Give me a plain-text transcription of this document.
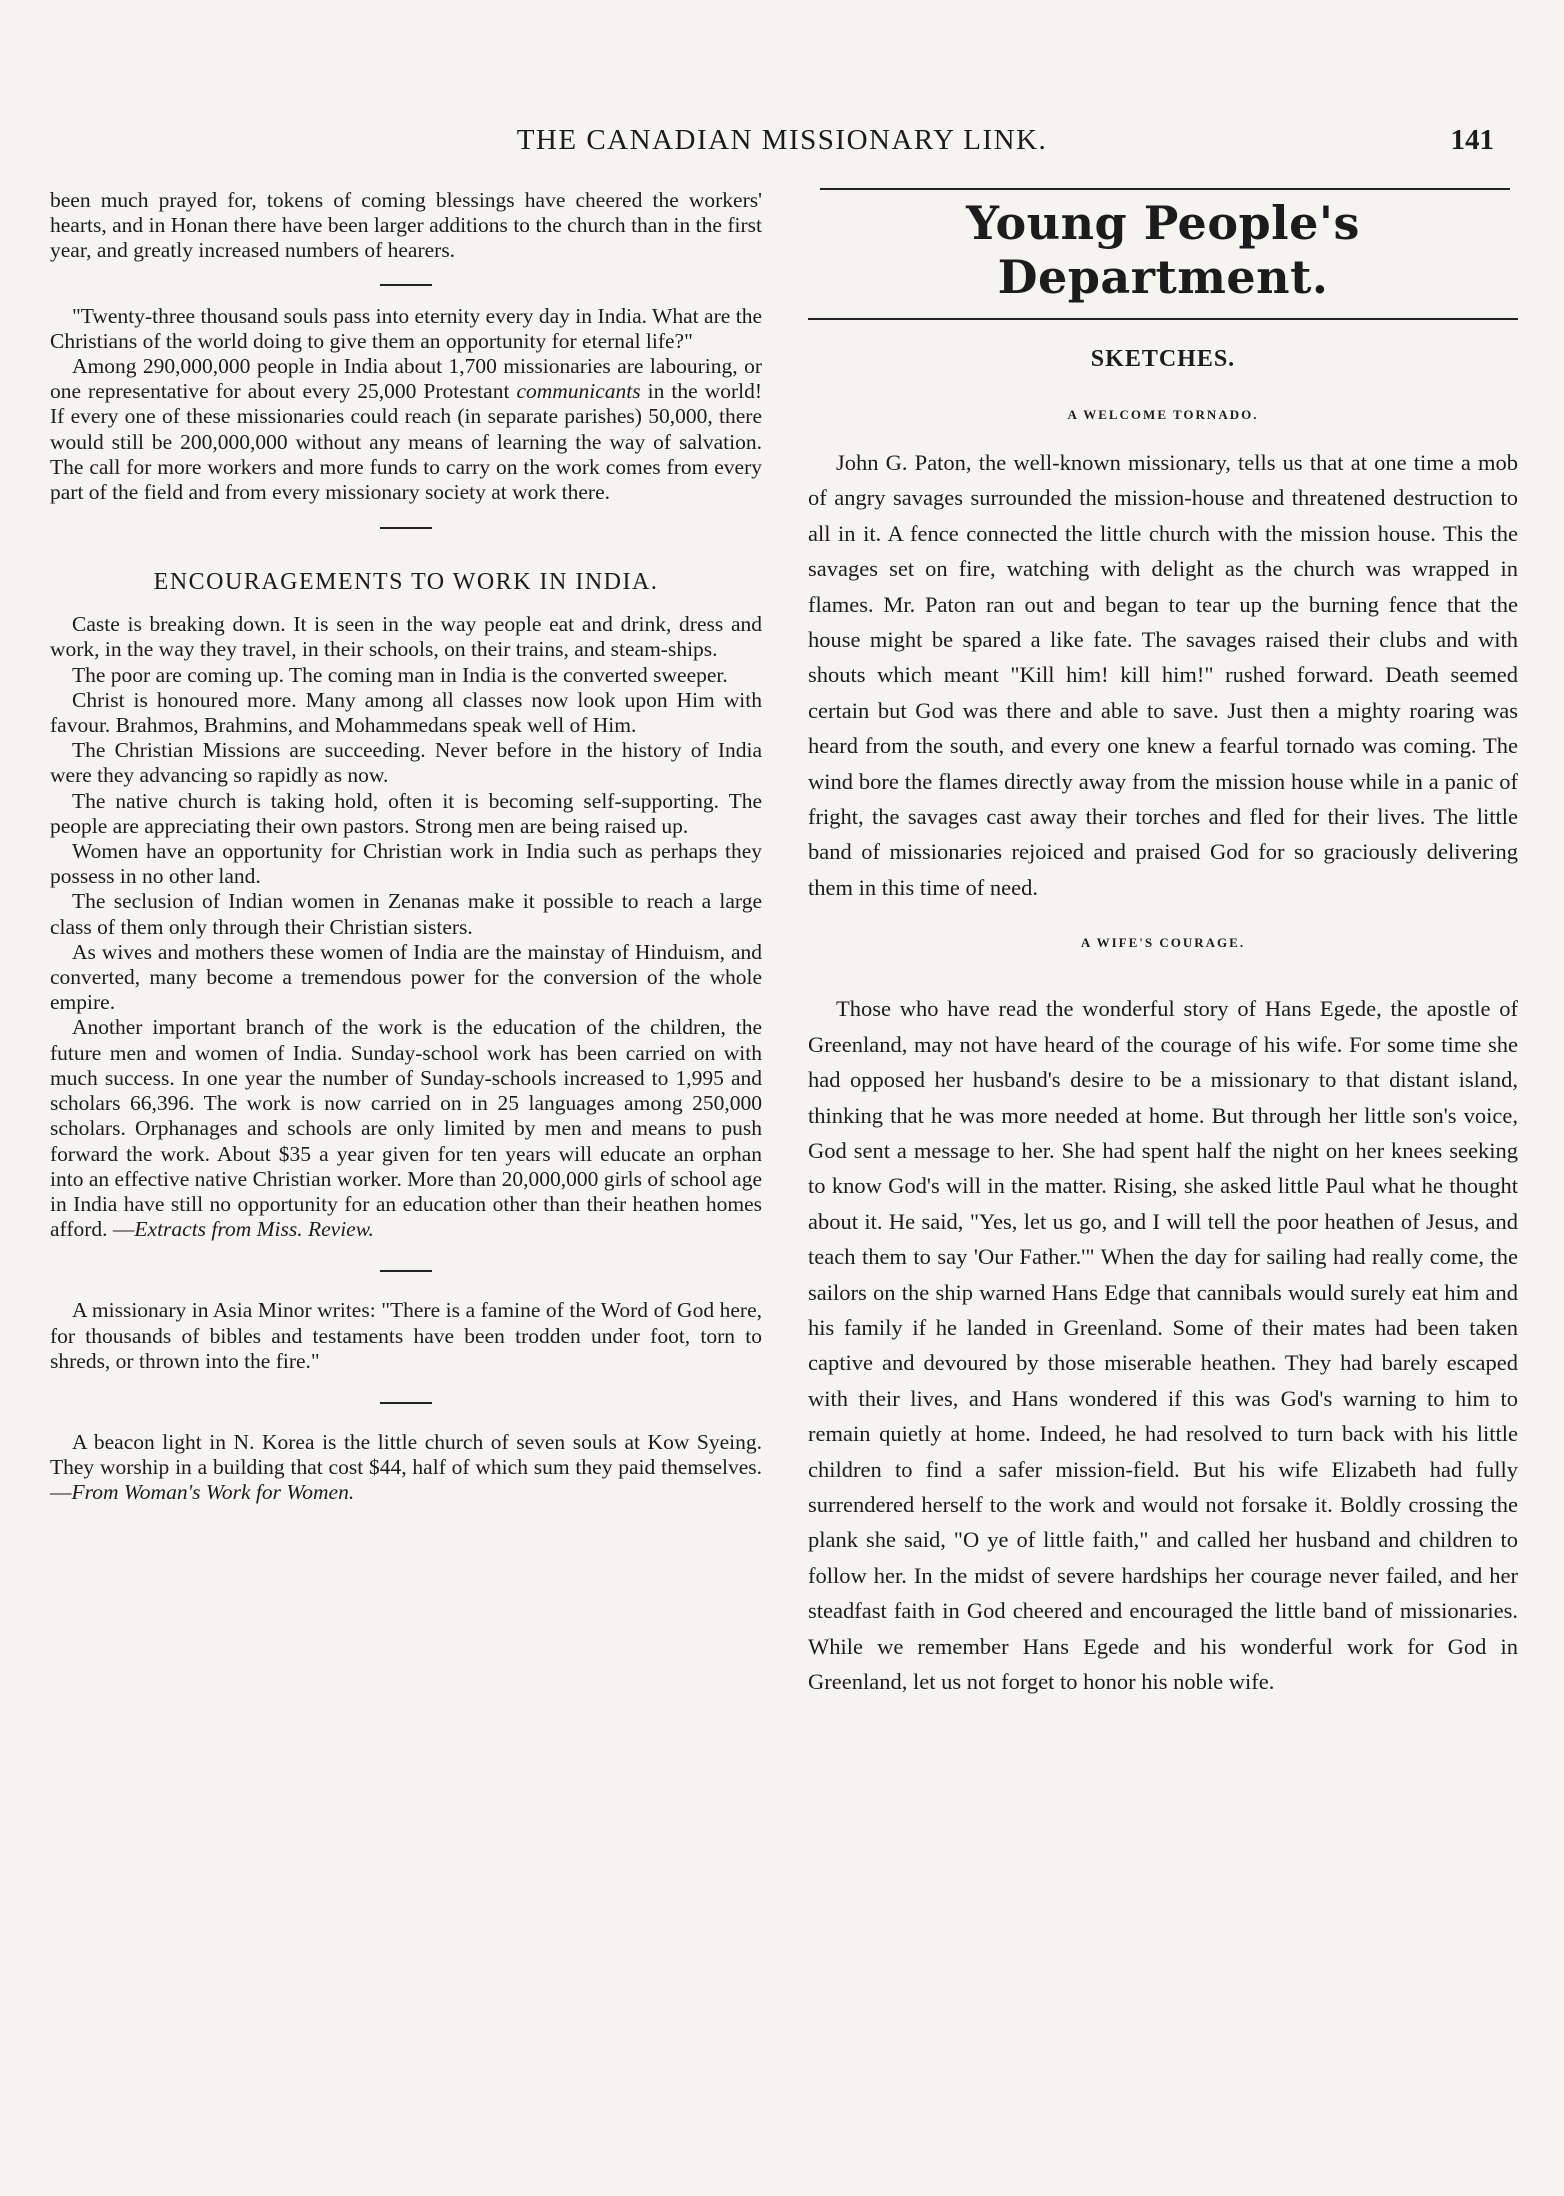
THE CANADIAN MISSIONARY LINK.	141

been much prayed for, tokens of coming blessings have cheered the workers' hearts, and in Honan there have been larger additions to the church than in the first year, and greatly increased numbers of hearers.

"Twenty-three thousand souls pass into eternity every day in India. What are the Christians of the world doing to give them an opportunity for eternal life?"

Among 290,000,000 people in India about 1,700 missionaries are labouring, or one representative for about every 25,000 Protestant communicants in the world! If every one of these missionaries could reach (in separate parishes) 50,000, there would still be 200,000,000 without any means of learning the way of salvation. The call for more workers and more funds to carry on the work comes from every part of the field and from every missionary society at work there.

ENCOURAGEMENTS TO WORK IN INDIA.

Caste is breaking down. It is seen in the way people eat and drink, dress and work, in the way they travel, in their schools, on their trains, and steam-ships.

The poor are coming up. The coming man in India is the converted sweeper.

Christ is honoured more. Many among all classes now look upon Him with favour. Brahmos, Brahmins, and Mohammedans speak well of Him.

The Christian Missions are succeeding. Never before in the history of India were they advancing so rapidly as now.

The native church is taking hold, often it is becoming self-supporting. The people are appreciating their own pastors. Strong men are being raised up.

Women have an opportunity for Christian work in India such as perhaps they possess in no other land.

The seclusion of Indian women in Zenanas make it possible to reach a large class of them only through their Christian sisters.

As wives and mothers these women of India are the mainstay of Hinduism, and converted, many become a tremendous power for the conversion of the whole empire.

Another important branch of the work is the education of the children, the future men and women of India. Sunday-school work has been carried on with much success. In one year the number of Sunday-schools increased to 1,995 and scholars 66,396. The work is now carried on in 25 languages among 250,000 scholars. Orphanages and schools are only limited by men and means to push forward the work. About $35 a year given for ten years will educate an orphan into an effective native Christian worker. More than 20,000,000 girls of school age in India have still no opportunity for an education other than their heathen homes afford. —Extracts from Miss. Review.

A missionary in Asia Minor writes: "There is a famine of the Word of God here, for thousands of bibles and testaments have been trodden under foot, torn to shreds, or thrown into the fire."

A beacon light in N. Korea is the little church of seven souls at Kow Syeing. They worship in a building that cost $44, half of which sum they paid themselves.—From Woman's Work for Women.

Young People's Department.
SKETCHES.
A WELCOME TORNADO.

John G. Paton, the well-known missionary, tells us that at one time a mob of angry savages surrounded the mission-house and threatened destruction to all in it. A fence connected the little church with the mission house. This the savages set on fire, watching with delight as the church was wrapped in flames. Mr. Paton ran out and began to tear up the burning fence that the house might be spared a like fate. The savages raised their clubs and with shouts which meant "Kill him! kill him!" rushed forward. Death seemed certain but God was there and able to save. Just then a mighty roaring was heard from the south, and every one knew a fearful tornado was coming. The wind bore the flames directly away from the mission house while in a panic of fright, the savages cast away their torches and fled for their lives. The little band of missionaries rejoiced and praised God for so graciously delivering them in this time of need.

A WIFE'S COURAGE.

Those who have read the wonderful story of Hans Egede, the apostle of Greenland, may not have heard of the courage of his wife. For some time she had opposed her husband's desire to be a missionary to that distant island, thinking that he was more needed at home. But through her little son's voice, God sent a message to her. She had spent half the night on her knees seeking to know God's will in the matter. Rising, she asked little Paul what he thought about it. He said, "Yes, let us go, and I will tell the poor heathen of Jesus, and teach them to say 'Our Father.'" When the day for sailing had really come, the sailors on the ship warned Hans Edge that cannibals would surely eat him and his family if he landed in Greenland. Some of their mates had been taken captive and devoured by those miserable heathen. They had barely escaped with their lives, and Hans wondered if this was God's warning to him to remain quietly at home. Indeed, he had resolved to turn back with his little children to find a safer mission-field. But his wife Elizabeth had fully surrendered herself to the work and would not forsake it. Boldly crossing the plank she said, "O ye of little faith," and called her husband and children to follow her. In the midst of severe hardships her courage never failed, and her steadfast faith in God cheered and encouraged the little band of missionaries. While we remember Hans Egede and his wonderful work for God in Greenland, let us not forget to honor his noble wife.
